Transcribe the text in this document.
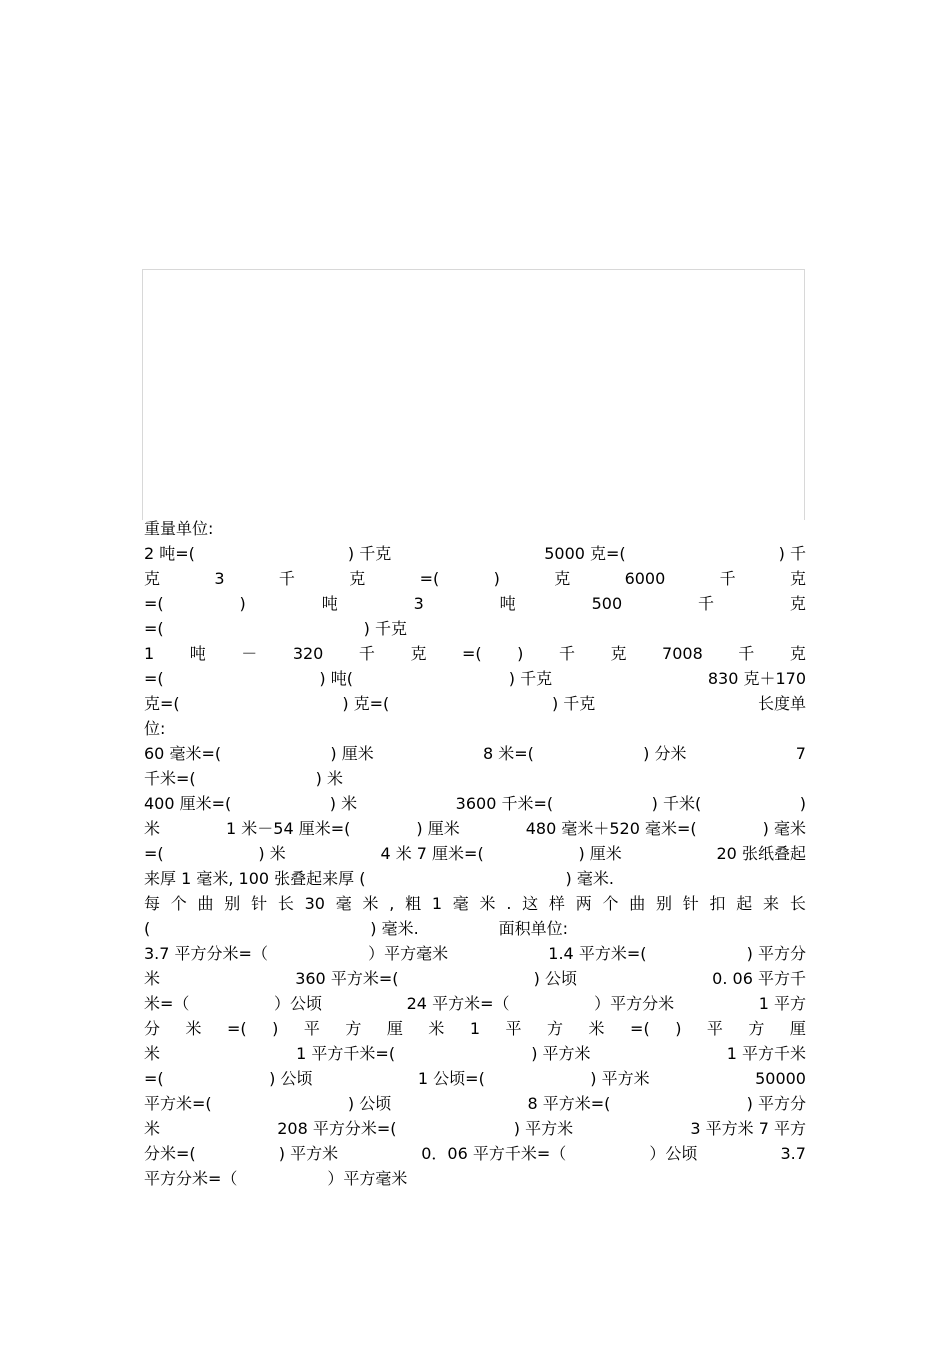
重量单位:
2 吨=(	) 千克	5000 克=(	) 千
克	3	千	克	=(	)	克	6000	千	克
=(	)	吨	3	吨	500	千	克
=(	) 千克
1 吨 － 320 千 克 =( ) 千 克 7008 千 克
=(	) 吨(	) 千克	830 克＋170
克=(	) 克=(	) 千克	长度单
位:
60 毫米=(	) 厘米	8 米=(	) 分米	7
千米=(	) 米
400 厘米=(	) 米	3600 千米=(	) 千米(	)
米	1 米－54 厘米=(	) 厘米	480 毫米＋520 毫米=(	) 毫米
=(	) 米	4 米 7 厘米=(	) 厘米	20 张纸叠起
来厚 1 毫米, 100 张叠起来厚 (	) 毫米.
每 个 曲 别 针 长 30 毫 米 , 粗 1 毫 米 . 这 样 两 个 曲 别 针 扣 起 来 长
(	) 毫米.	面积单位:
3.7 平方分米=（	）平方毫米	1.4 平方米=(	) 平方分
米	360 平方米=(	) 公顷	0. 06 平方千
米=（	）公顷	24 平方米=（	）平方分米	1 平方
分 米 =( ) 平 方 厘 米 1 平 方 米 =( ) 平 方 厘
米	1 平方千米=(	) 平方米	1 平方千米
=(	) 公顷	1 公顷=(	) 平方米	50000
平方米=(	) 公顷	8 平方米=(	) 平方分
米	208 平方分米=(	) 平方米	3 平方米 7 平方
分米=(	) 平方米	0．06 平方千米=（	）公顷	3.7
平方分米=（	）平方毫米
